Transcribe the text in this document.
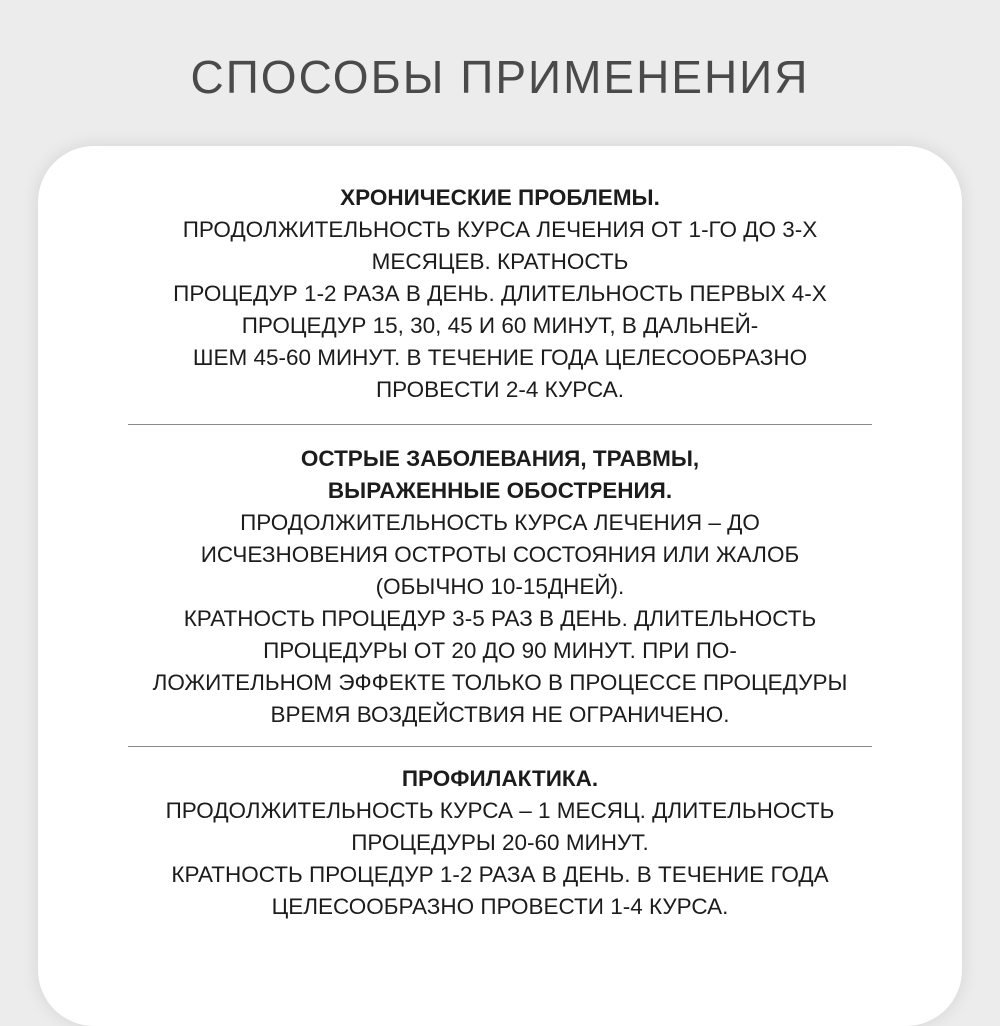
СПОСОБЫ ПРИМЕНЕНИЯ
ХРОНИЧЕСКИЕ ПРОБЛЕМЫ.
ПРОДОЛЖИТЕЛЬНОСТЬ КУРСА ЛЕЧЕНИЯ ОТ 1-ГО ДО 3-Х
МЕСЯЦЕВ. КРАТНОСТЬ
ПРОЦЕДУР 1-2 РАЗА В ДЕНЬ. ДЛИТЕЛЬНОСТЬ ПЕРВЫХ 4-Х
ПРОЦЕДУР 15, 30, 45 И 60 МИНУТ, В ДАЛЬНЕЙ-
ШЕМ 45-60 МИНУТ. В ТЕЧЕНИЕ ГОДА ЦЕЛЕСООБРАЗНО
ПРОВЕСТИ 2-4 КУРСА.
ОСТРЫЕ ЗАБОЛЕВАНИЯ, ТРАВМЫ,
ВЫРАЖЕННЫЕ ОБОСТРЕНИЯ.
ПРОДОЛЖИТЕЛЬНОСТЬ КУРСА ЛЕЧЕНИЯ – ДО
ИСЧЕЗНОВЕНИЯ ОСТРОТЫ СОСТОЯНИЯ ИЛИ ЖАЛОБ
(ОБЫЧНО 10-15ДНЕЙ).
КРАТНОСТЬ ПРОЦЕДУР 3-5 РАЗ В ДЕНЬ. ДЛИТЕЛЬНОСТЬ
ПРОЦЕДУРЫ ОТ 20 ДО 90 МИНУТ. ПРИ ПО-
ЛОЖИТЕЛЬНОМ ЭФФЕКТЕ ТОЛЬКО В ПРОЦЕССЕ ПРОЦЕДУРЫ
ВРЕМЯ ВОЗДЕЙСТВИЯ НЕ ОГРАНИЧЕНО.
ПРОФИЛАКТИКА.
ПРОДОЛЖИТЕЛЬНОСТЬ КУРСА – 1 МЕСЯЦ. ДЛИТЕЛЬНОСТЬ
ПРОЦЕДУРЫ 20-60 МИНУТ.
КРАТНОСТЬ ПРОЦЕДУР 1-2 РАЗА В ДЕНЬ. В ТЕЧЕНИЕ ГОДА
ЦЕЛЕСООБРАЗНО ПРОВЕСТИ 1-4 КУРСА.
